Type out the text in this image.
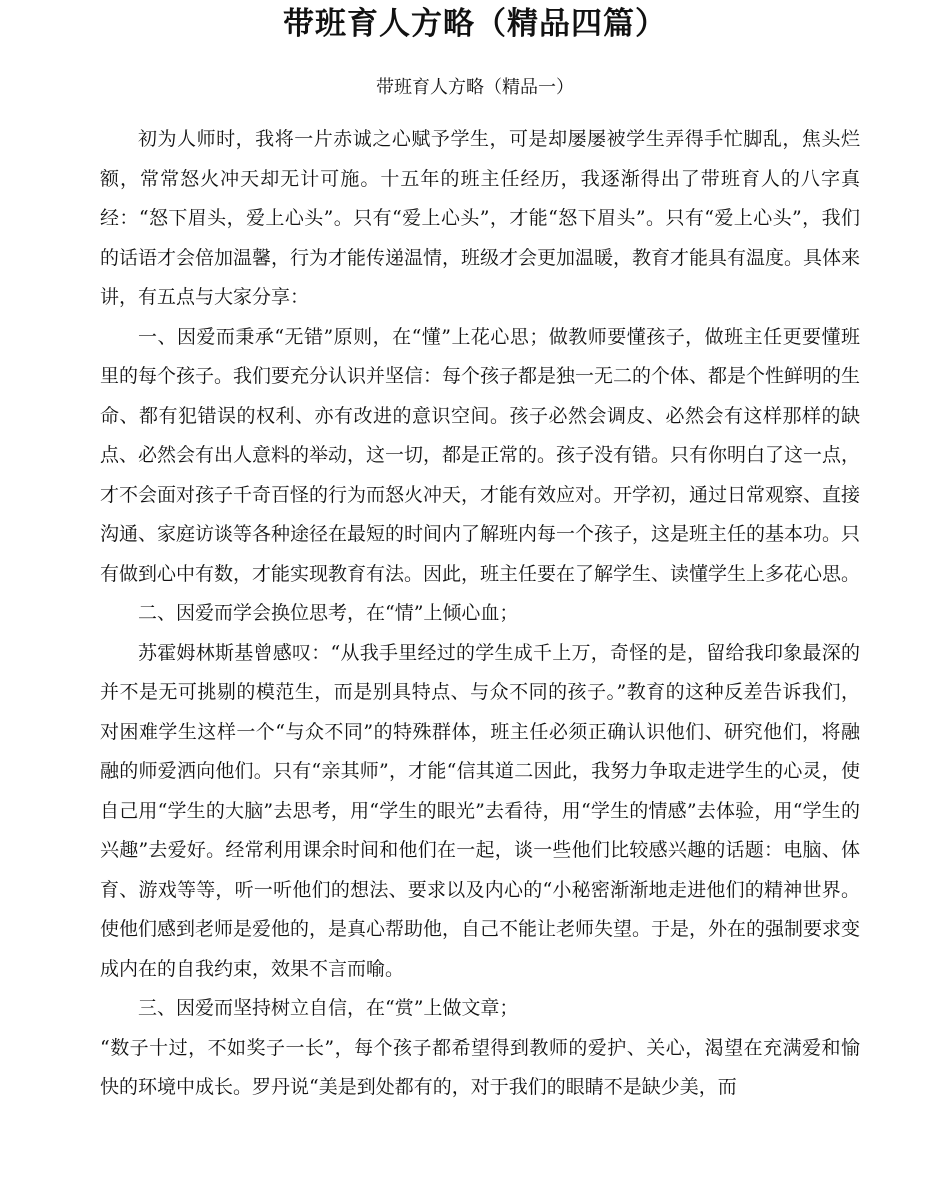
带班育人方略（精品四篇）
带班育人方略（精品一）

初为人师时，我将一片赤诚之心赋予学生，可是却屡屡被学生弄得手忙脚乱，焦头烂额，常常怒火冲天却无计可施。十五年的班主任经历，我逐渐得出了带班育人的八字真经：“怒下眉头，爱上心头”。只有“爱上心头”，才能“怒下眉头”。只有“爱上心头”，我们的话语才会倍加温馨，行为才能传递温情，班级才会更加温暖，教育才能具有温度。具体来讲，有五点与大家分享：

一、因爱而秉承“无错”原则，在“懂”上花心思；做教师要懂孩子，做班主任更要懂班里的每个孩子。我们要充分认识并坚信：每个孩子都是独一无二的个体、都是个性鲜明的生命、都有犯错误的权利、亦有改进的意识空间。孩子必然会调皮、必然会有这样那样的缺点、必然会有出人意料的举动，这一切，都是正常的。孩子没有错。只有你明白了这一点，才不会面对孩子千奇百怪的行为而怒火冲天，才能有效应对。开学初，通过日常观察、直接沟通、家庭访谈等各种途径在最短的时间内了解班内每一个孩子，这是班主任的基本功。只有做到心中有数，才能实现教育有法。因此，班主任要在了解学生、读懂学生上多花心思。

二、因爱而学会换位思考，在“情”上倾心血；

苏霍姆林斯基曾感叹：“从我手里经过的学生成千上万，奇怪的是，留给我印象最深的并不是无可挑剔的模范生，而是别具特点、与众不同的孩子。”教育的这种反差告诉我们，对困难学生这样一个“与众不同”的特殊群体，班主任必须正确认识他们、研究他们，将融融的师爱洒向他们。只有“亲其师”，才能“信其道二因此，我努力争取走进学生的心灵，使自己用“学生的大脑”去思考，用“学生的眼光”去看待，用“学生的情感”去体验，用“学生的兴趣”去爱好。经常利用课余时间和他们在一起，谈一些他们比较感兴趣的话题：电脑、体育、游戏等等，听一听他们的想法、要求以及内心的“小秘密渐渐地走进他们的精神世界。使他们感到老师是爱他的，是真心帮助他，自己不能让老师失望。于是，外在的强制要求变成内在的自我约束，效果不言而喻。

三、因爱而坚持树立自信，在“赏”上做文章；

“数子十过，不如奖子一长”，每个孩子都希望得到教师的爱护、关心，渴望在充满爱和愉快的环境中成长。罗丹说“美是到处都有的，对于我们的眼睛不是缺少美，而
